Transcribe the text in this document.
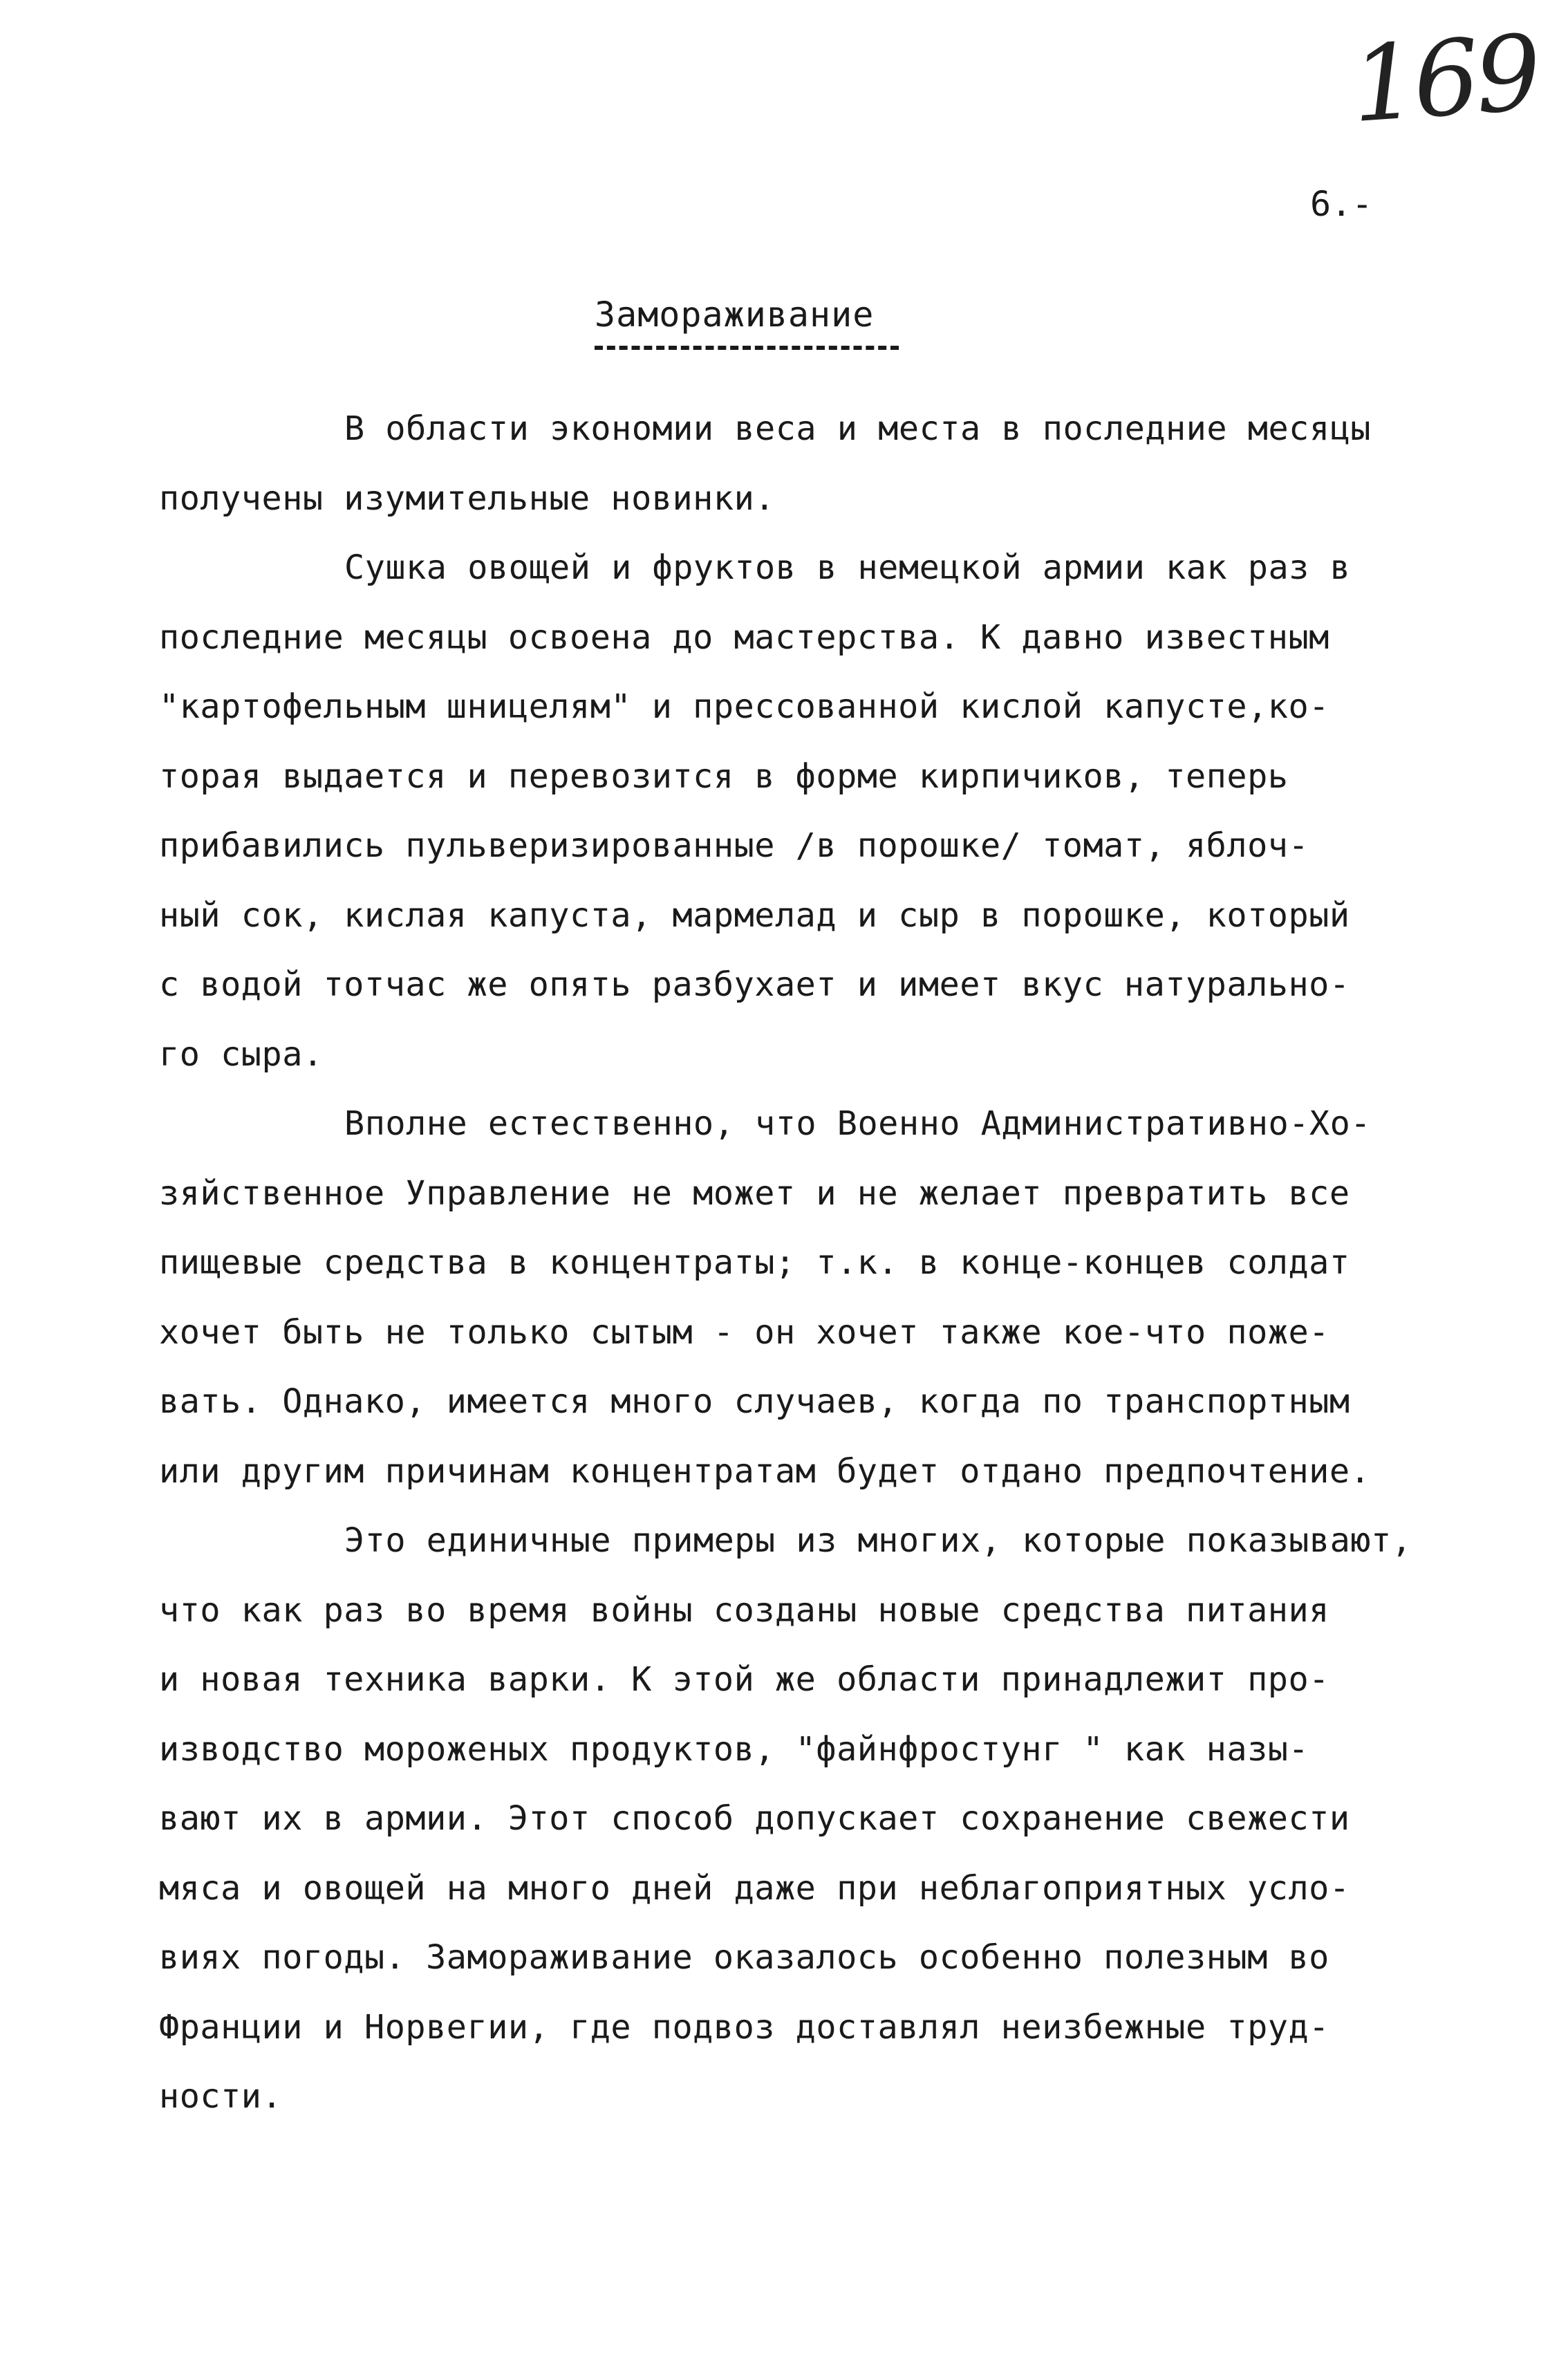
169
6.-
Замораживание
В области экономии веса и места в последние месяцы
получены изумительные новинки.
Сушка овощей и фруктов в немецкой армии как раз в
последние месяцы освоена до мастерства. К давно известным
"картофельным шницелям" и прессованной кислой капусте,ко-
торая выдается и перевозится в форме кирпичиков, теперь
прибавились пульверизированные /в порошке/ томат, яблоч-
ный сок, кислая капуста, мармелад и сыр в порошке, который
с водой тотчас же опять разбухает и имеет вкус натурально-
го сыра.
Вполне естественно, что Военно Административно-Хо-
зяйственное Управление не может и не желает превратить все
пищевые средства в концентраты; т.к. в конце-концев солдат
хочет быть не только сытым - он хочет также кое-что поже-
вать. Однако, имеется много случаев, когда по транспортным
или другим причинам концентратам будет отдано предпочтение.
Это единичные примеры из многих, которые показывают,
что как раз во время войны созданы новые средства питания
и новая техника варки. К этой же области принадлежит про-
изводство мороженых продуктов, "файнфростунг " как назы-
вают их в армии. Этот способ допускает сохранение свежести
мяса и овощей на много дней даже при неблагоприятных усло-
виях погоды. Замораживание оказалось особенно полезным во
Франции и Норвегии, где подвоз доставлял неизбежные труд-
ности.
